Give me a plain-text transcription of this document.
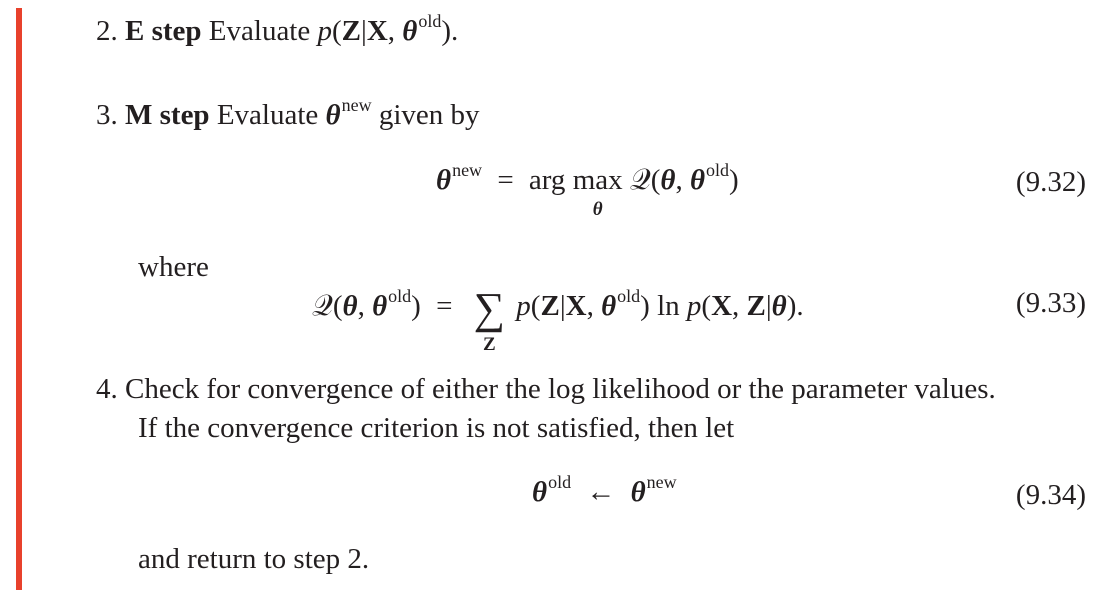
2. E step Evaluate p(Z|X, $\theta^{old}$).
3. M step Evaluate $\theta^{new}$ given by
$\theta^{new}$ = arg max
θ
𝒬(θ, $\theta^{old}$)	(9.32)
where
𝒬(θ, $\theta^{old}$) = ∑
Z
p(Z|X, $\theta^{old}$) ln p(X, Z|θ).	(9.33)
4. Check for convergence of either the log likelihood or the parameter values.
If the convergence criterion is not satisfied, then let
$\theta^{old}$ ← $\theta^{new}$	(9.34)
and return to step 2.
